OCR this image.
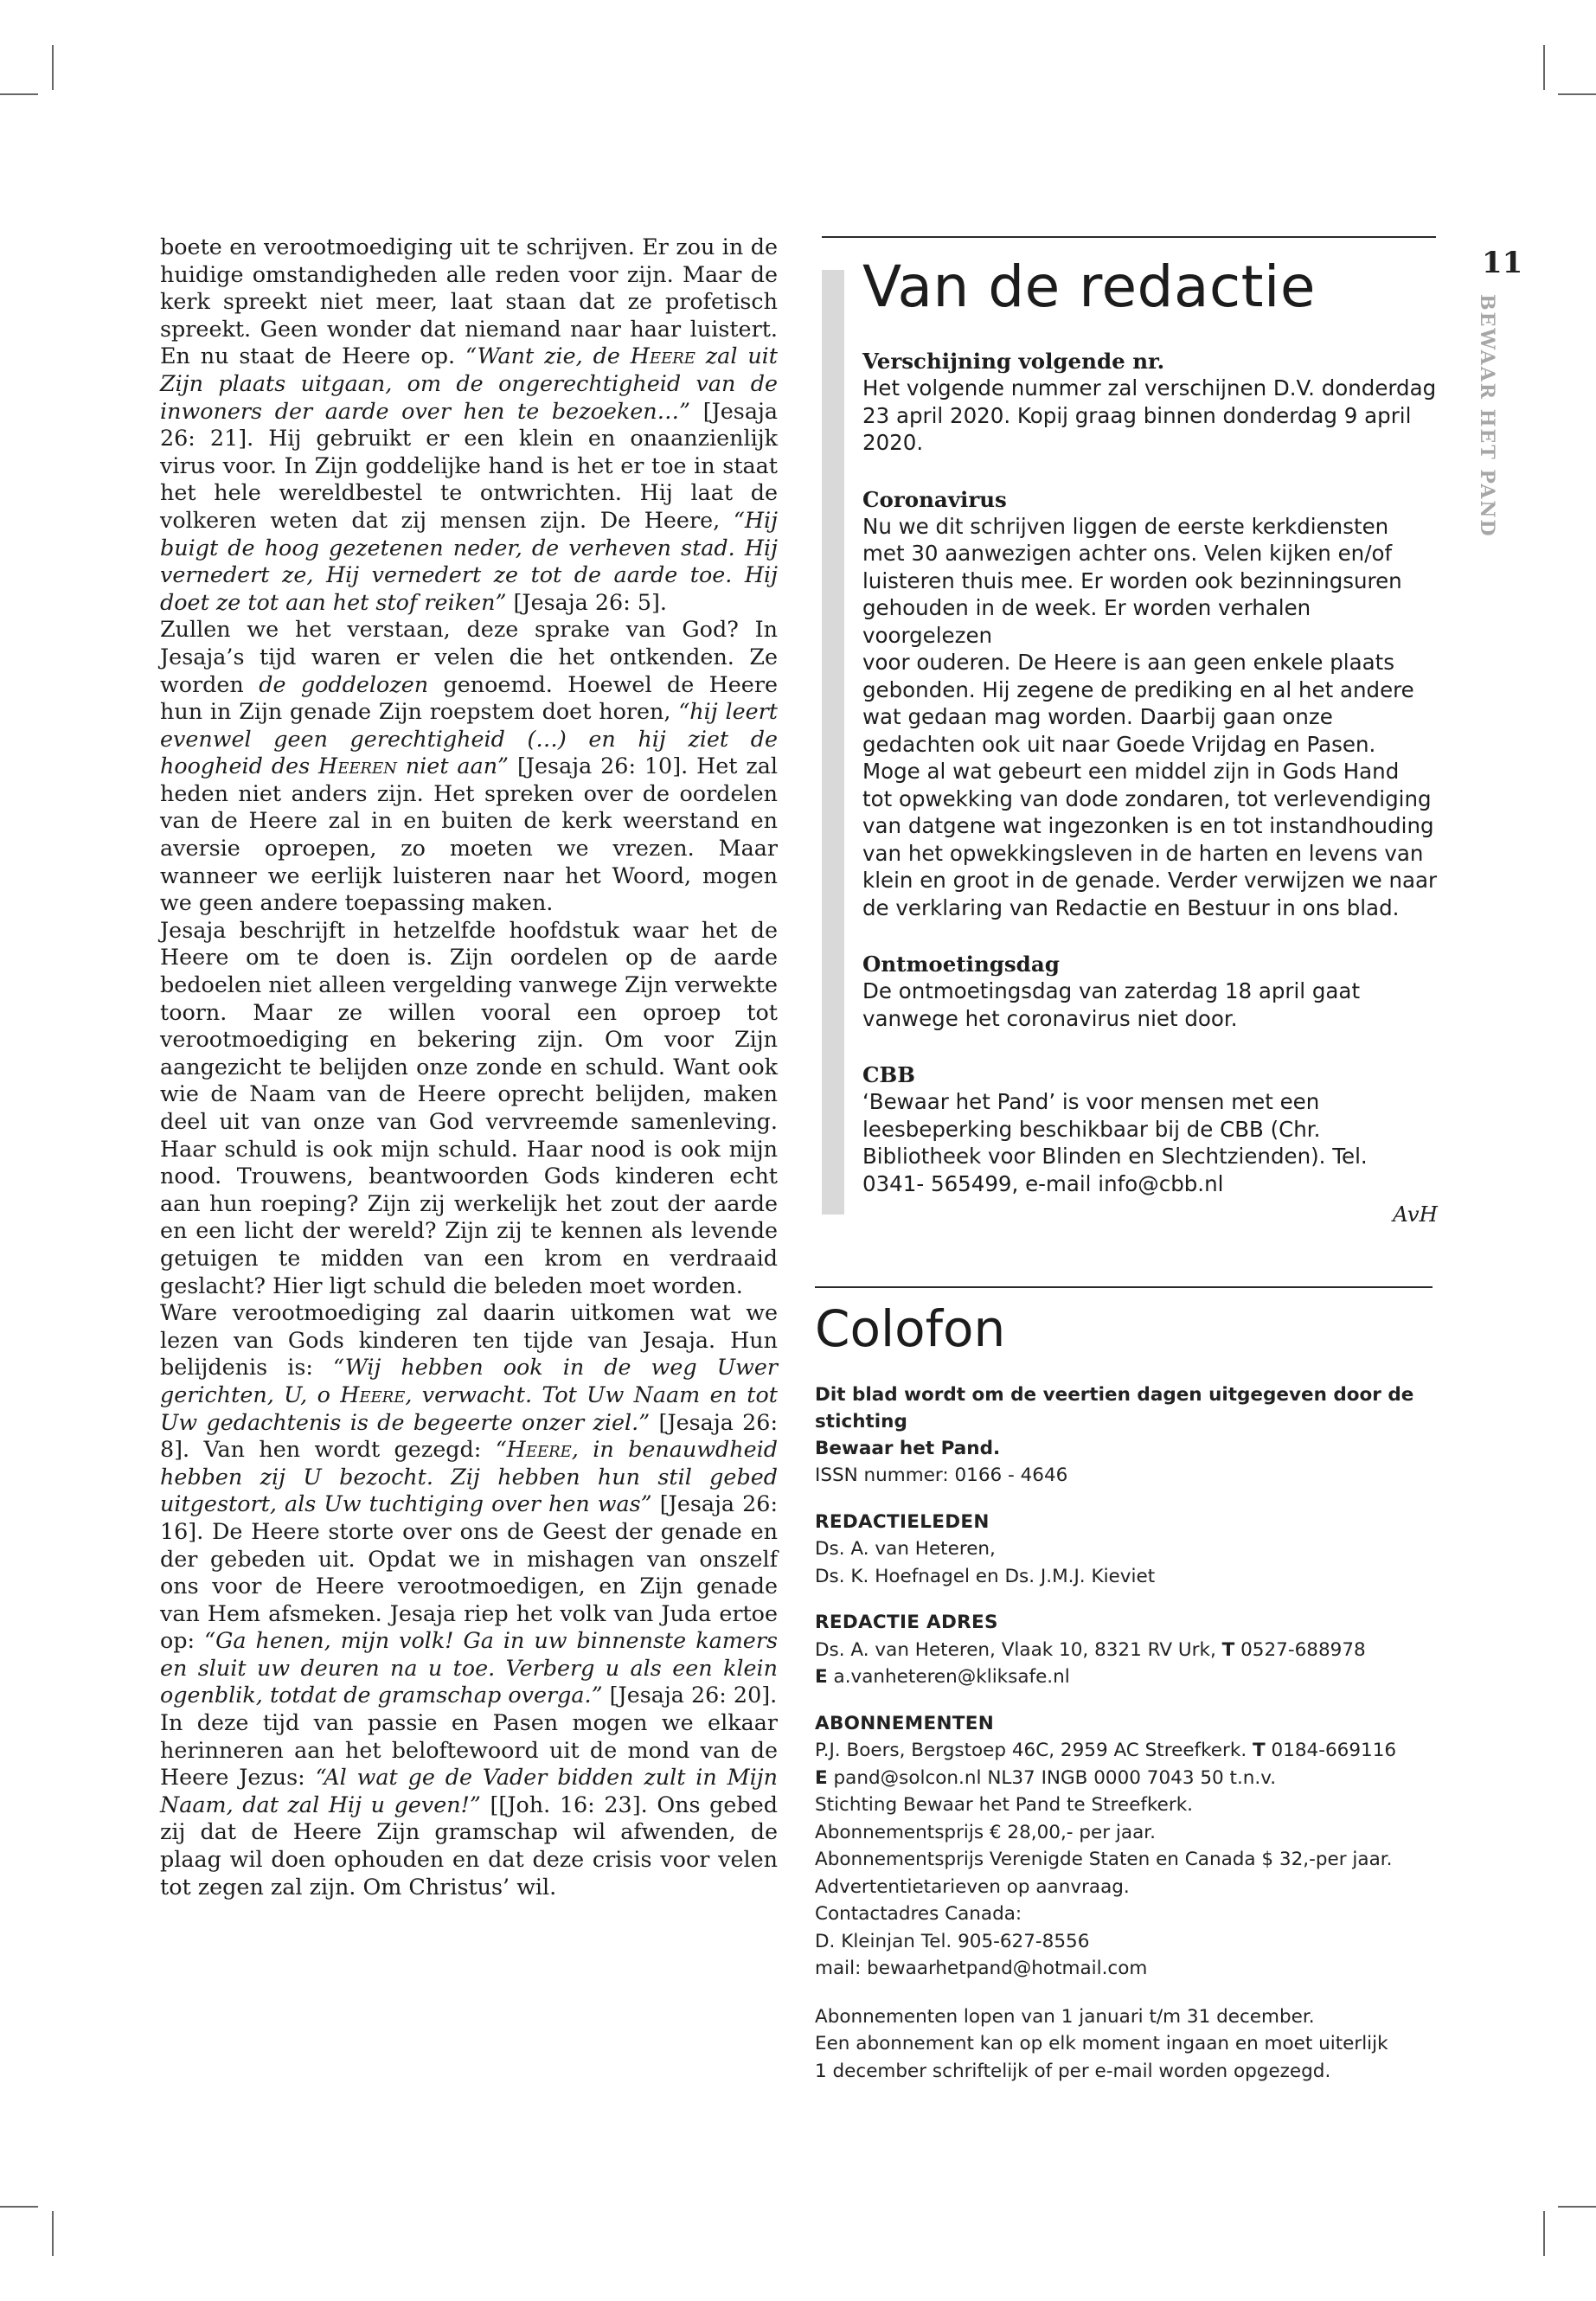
boete en verootmoediging uit te schrijven. Er zou in de huidige omstandigheden alle reden voor zijn. Maar de kerk spreekt niet meer, laat staan dat ze profetisch spreekt. Geen wonder dat niemand naar haar luistert. En nu staat de Heere op. “Want zie, de Heere zal uit Zijn plaats uitgaan, om de ongerechtigheid van de inwoners der aarde over hen te bezoeken…” [Jesaja 26: 21]. Hij gebruikt er een klein en onaanzienlijk virus voor. In Zijn goddelijke hand is het er toe in staat het hele wereldbestel te ontwrichten. Hij laat de volkeren weten dat zij mensen zijn. De Heere, “Hij buigt de hoog gezetenen neder, de verheven stad. Hij vernedert ze, Hij vernedert ze tot de aarde toe. Hij doet ze tot aan het stof reiken” [Jesaja 26: 5].

Zullen we het verstaan, deze sprake van God? In Jesaja’s tijd waren er velen die het ontkenden. Ze worden de goddelozen genoemd. Hoewel de Heere hun in Zijn genade Zijn roepstem doet horen, “hij leert evenwel geen gerechtigheid (…) en hij ziet de hoogheid des Heeren niet aan” [Jesaja 26: 10]. Het zal heden niet anders zijn. Het spreken over de oordelen van de Heere zal in en buiten de kerk weerstand en aversie oproepen, zo moeten we vrezen. Maar wanneer we eerlijk luisteren naar het Woord, mogen we geen andere toepassing maken.

Jesaja beschrijft in hetzelfde hoofdstuk waar het de Heere om te doen is. Zijn oordelen op de aarde bedoelen niet alleen vergelding vanwege Zijn verwekte toorn. Maar ze willen vooral een oproep tot verootmoediging en bekering zijn. Om voor Zijn aangezicht te belijden onze zonde en schuld. Want ook wie de Naam van de Heere oprecht belijden, maken deel uit van onze van God vervreemde samenleving. Haar schuld is ook mijn schuld. Haar nood is ook mijn nood. Trouwens, beantwoorden Gods kinderen echt aan hun roeping? Zijn zij werkelijk het zout der aarde en een licht der wereld? Zijn zij te kennen als levende getuigen te midden van een krom en verdraaid geslacht? Hier ligt schuld die beleden moet worden.

Ware verootmoediging zal daarin uitkomen wat we lezen van Gods kinderen ten tijde van Jesaja. Hun belijdenis is: “Wij hebben ook in de weg Uwer gerichten, U, o Heere, verwacht. Tot Uw Naam en tot Uw gedachtenis is de begeerte onzer ziel.” [Jesaja 26: 8]. Van hen wordt gezegd: “Heere, in benauwdheid hebben zij U bezocht. Zij hebben hun stil gebed uitgestort, als Uw tuchtiging over hen was” [Jesaja 26: 16]. De Heere storte over ons de Geest der genade en der gebeden uit. Opdat we in mishagen van onszelf ons voor de Heere verootmoedigen, en Zijn genade van Hem afsmeken. Jesaja riep het volk van Juda ertoe op: “Ga henen, mijn volk! Ga in uw binnenste kamers en sluit uw deuren na u toe. Verberg u als een klein ogenblik, totdat de gramschap overga.” [Jesaja 26: 20].

In deze tijd van passie en Pasen mogen we elkaar herinneren aan het beloftewoord uit de mond van de Heere Jezus: “Al wat ge de Vader bidden zult in Mijn Naam, dat zal Hij u geven!” [[Joh. 16: 23]. Ons gebed zij dat de Heere Zijn gramschap wil afwenden, de plaag wil doen ophouden en dat deze crisis voor velen tot zegen zal zijn. Om Christus’ wil.

11
BEWAAR HET PAND
Van de redactie
Verschijning volgende nr.

Het volgende nummer zal verschijnen D.V. donderdag
23 april 2020. Kopij graag binnen donderdag 9 april
2020.

Coronavirus

Nu we dit schrijven liggen de eerste kerkdiensten
met 30 aanwezigen achter ons. Velen kijken en/of
luisteren thuis mee. Er worden ook bezinningsuren
gehouden in de week. Er worden verhalen voorgelezen
voor ouderen. De Heere is aan geen enkele plaats
gebonden. Hij zegene de prediking en al het andere
wat gedaan mag worden. Daarbij gaan onze
gedachten ook uit naar Goede Vrijdag en Pasen.
Moge al wat gebeurt een middel zijn in Gods Hand
tot opwekking van dode zondaren, tot verlevendiging
van datgene wat ingezonken is en tot instandhouding
van het opwekkingsleven in de harten en levens van
klein en groot in de genade. Verder verwijzen we naar
de verklaring van Redactie en Bestuur in ons blad.

Ontmoetingsdag

De ontmoetingsdag van zaterdag 18 april gaat
vanwege het coronavirus niet door.

CBB

‘Bewaar het Pand’ is voor mensen met een
leesbeperking beschikbaar bij de CBB (Chr.
Bibliotheek voor Blinden en Slechtzienden). Tel.
0341- 565499, e-mail info@cbb.nl

AvH
Colofon
Dit blad wordt om de veertien dagen uitgegeven door de stichting
Bewaar het Pand.
ISSN nummer: 0166 - 4646
REDACTIELEDEN
Ds. A. van Heteren,
Ds. K. Hoefnagel en Ds. J.M.J. Kieviet
REDACTIE ADRES
Ds. A. van Heteren, Vlaak 10, 8321 RV Urk, T 0527-688978
E a.vanheteren@kliksafe.nl
ABONNEMENTEN
P.J. Boers, Bergstoep 46C, 2959 AC Streefkerk. T 0184-669116
E pand@solcon.nl NL37 INGB 0000 7043 50 t.n.v.
Stichting Bewaar het Pand te Streefkerk.
Abonnementsprijs € 28,00,- per jaar.
Abonnementsprijs Verenigde Staten en Canada $ 32,-per jaar.
Advertentietarieven op aanvraag.
Contactadres Canada:
D. Kleinjan Tel. 905-627-8556
mail: bewaarhetpand@hotmail.com
Abonnementen lopen van 1 januari t/m 31 december.
Een abonnement kan op elk moment ingaan en moet uiterlijk
1 december schriftelijk of per e-mail worden opgezegd.
